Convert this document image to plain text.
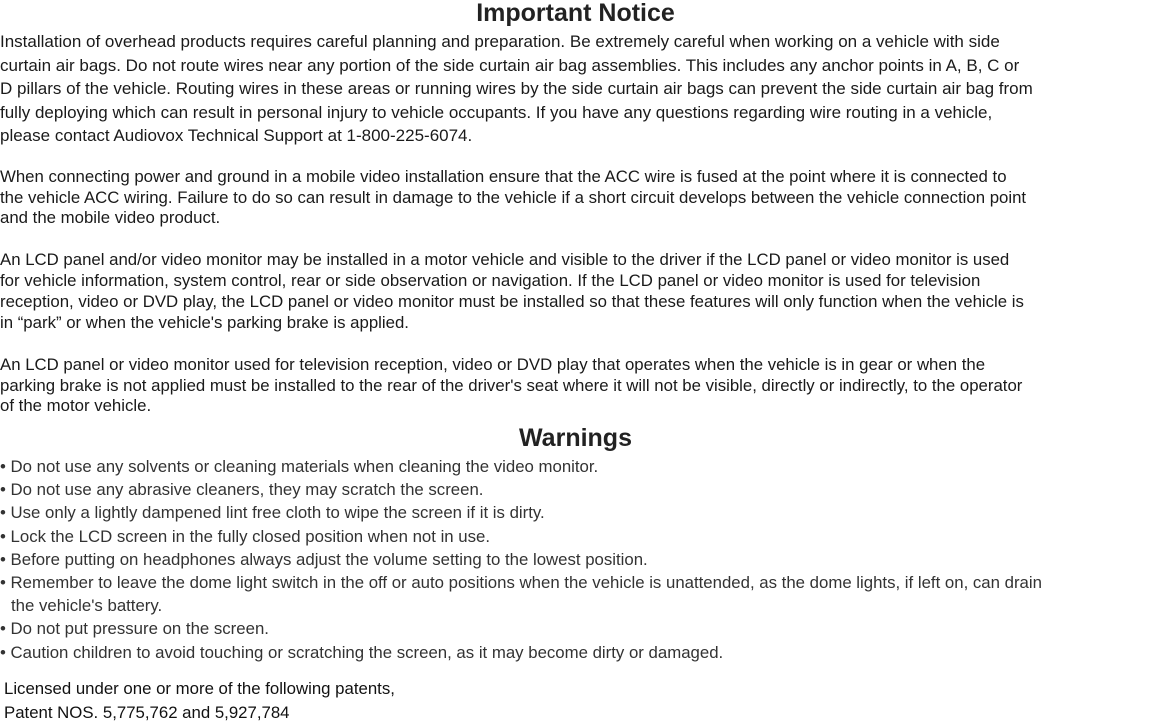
Important Notice
Installation of overhead products requires careful planning and preparation. Be extremely careful when working on a vehicle with side
curtain air bags. Do not route wires near any portion of the side curtain air bag assemblies. This includes any anchor points in A, B, C or
D pillars of the vehicle. Routing wires in these areas or running wires by the side curtain air bags can prevent the side curtain air bag from
fully deploying which can result in personal injury to vehicle occupants. If you have any questions regarding wire routing in a vehicle,
please contact Audiovox Technical Support at 1-800-225-6074.
When connecting power and ground in a mobile video installation ensure that the ACC wire is fused at the point where it is connected to
the vehicle ACC wiring. Failure to do so can result in damage to the vehicle if a short circuit develops between the vehicle connection point
and the mobile video product.
An LCD panel and/or video monitor may be installed in a motor vehicle and visible to the driver if the LCD panel or video monitor is used
for vehicle information, system control, rear or side observation or navigation. If the LCD panel or video monitor is used for television
reception, video or DVD play, the LCD panel or video monitor must be installed so that these features will only function when the vehicle is
in “park” or when the vehicle's parking brake is applied.
An LCD panel or video monitor used for television reception, video or DVD play that operates when the vehicle is in gear or when the
parking brake is not applied must be installed to the rear of the driver's seat where it will not be visible, directly or indirectly, to the operator
of the motor vehicle.
Warnings
• Do not use any solvents or cleaning materials when cleaning the video monitor.
• Do not use any abrasive cleaners, they may scratch the screen.
• Use only a lightly dampened lint free cloth to wipe the screen if it is dirty.
• Lock the LCD screen in the fully closed position when not in use.
• Before putting on headphones always adjust the volume setting to the lowest position.
• Remember to leave the dome light switch in the off or auto positions when the vehicle is unattended, as the dome lights, if left on, can drain
the vehicle's battery.
• Do not put pressure on the screen.
• Caution children to avoid touching or scratching the screen, as it may become dirty or damaged.
Licensed under one or more of the following patents,
Patent NOS. 5,775,762 and 5,927,784
